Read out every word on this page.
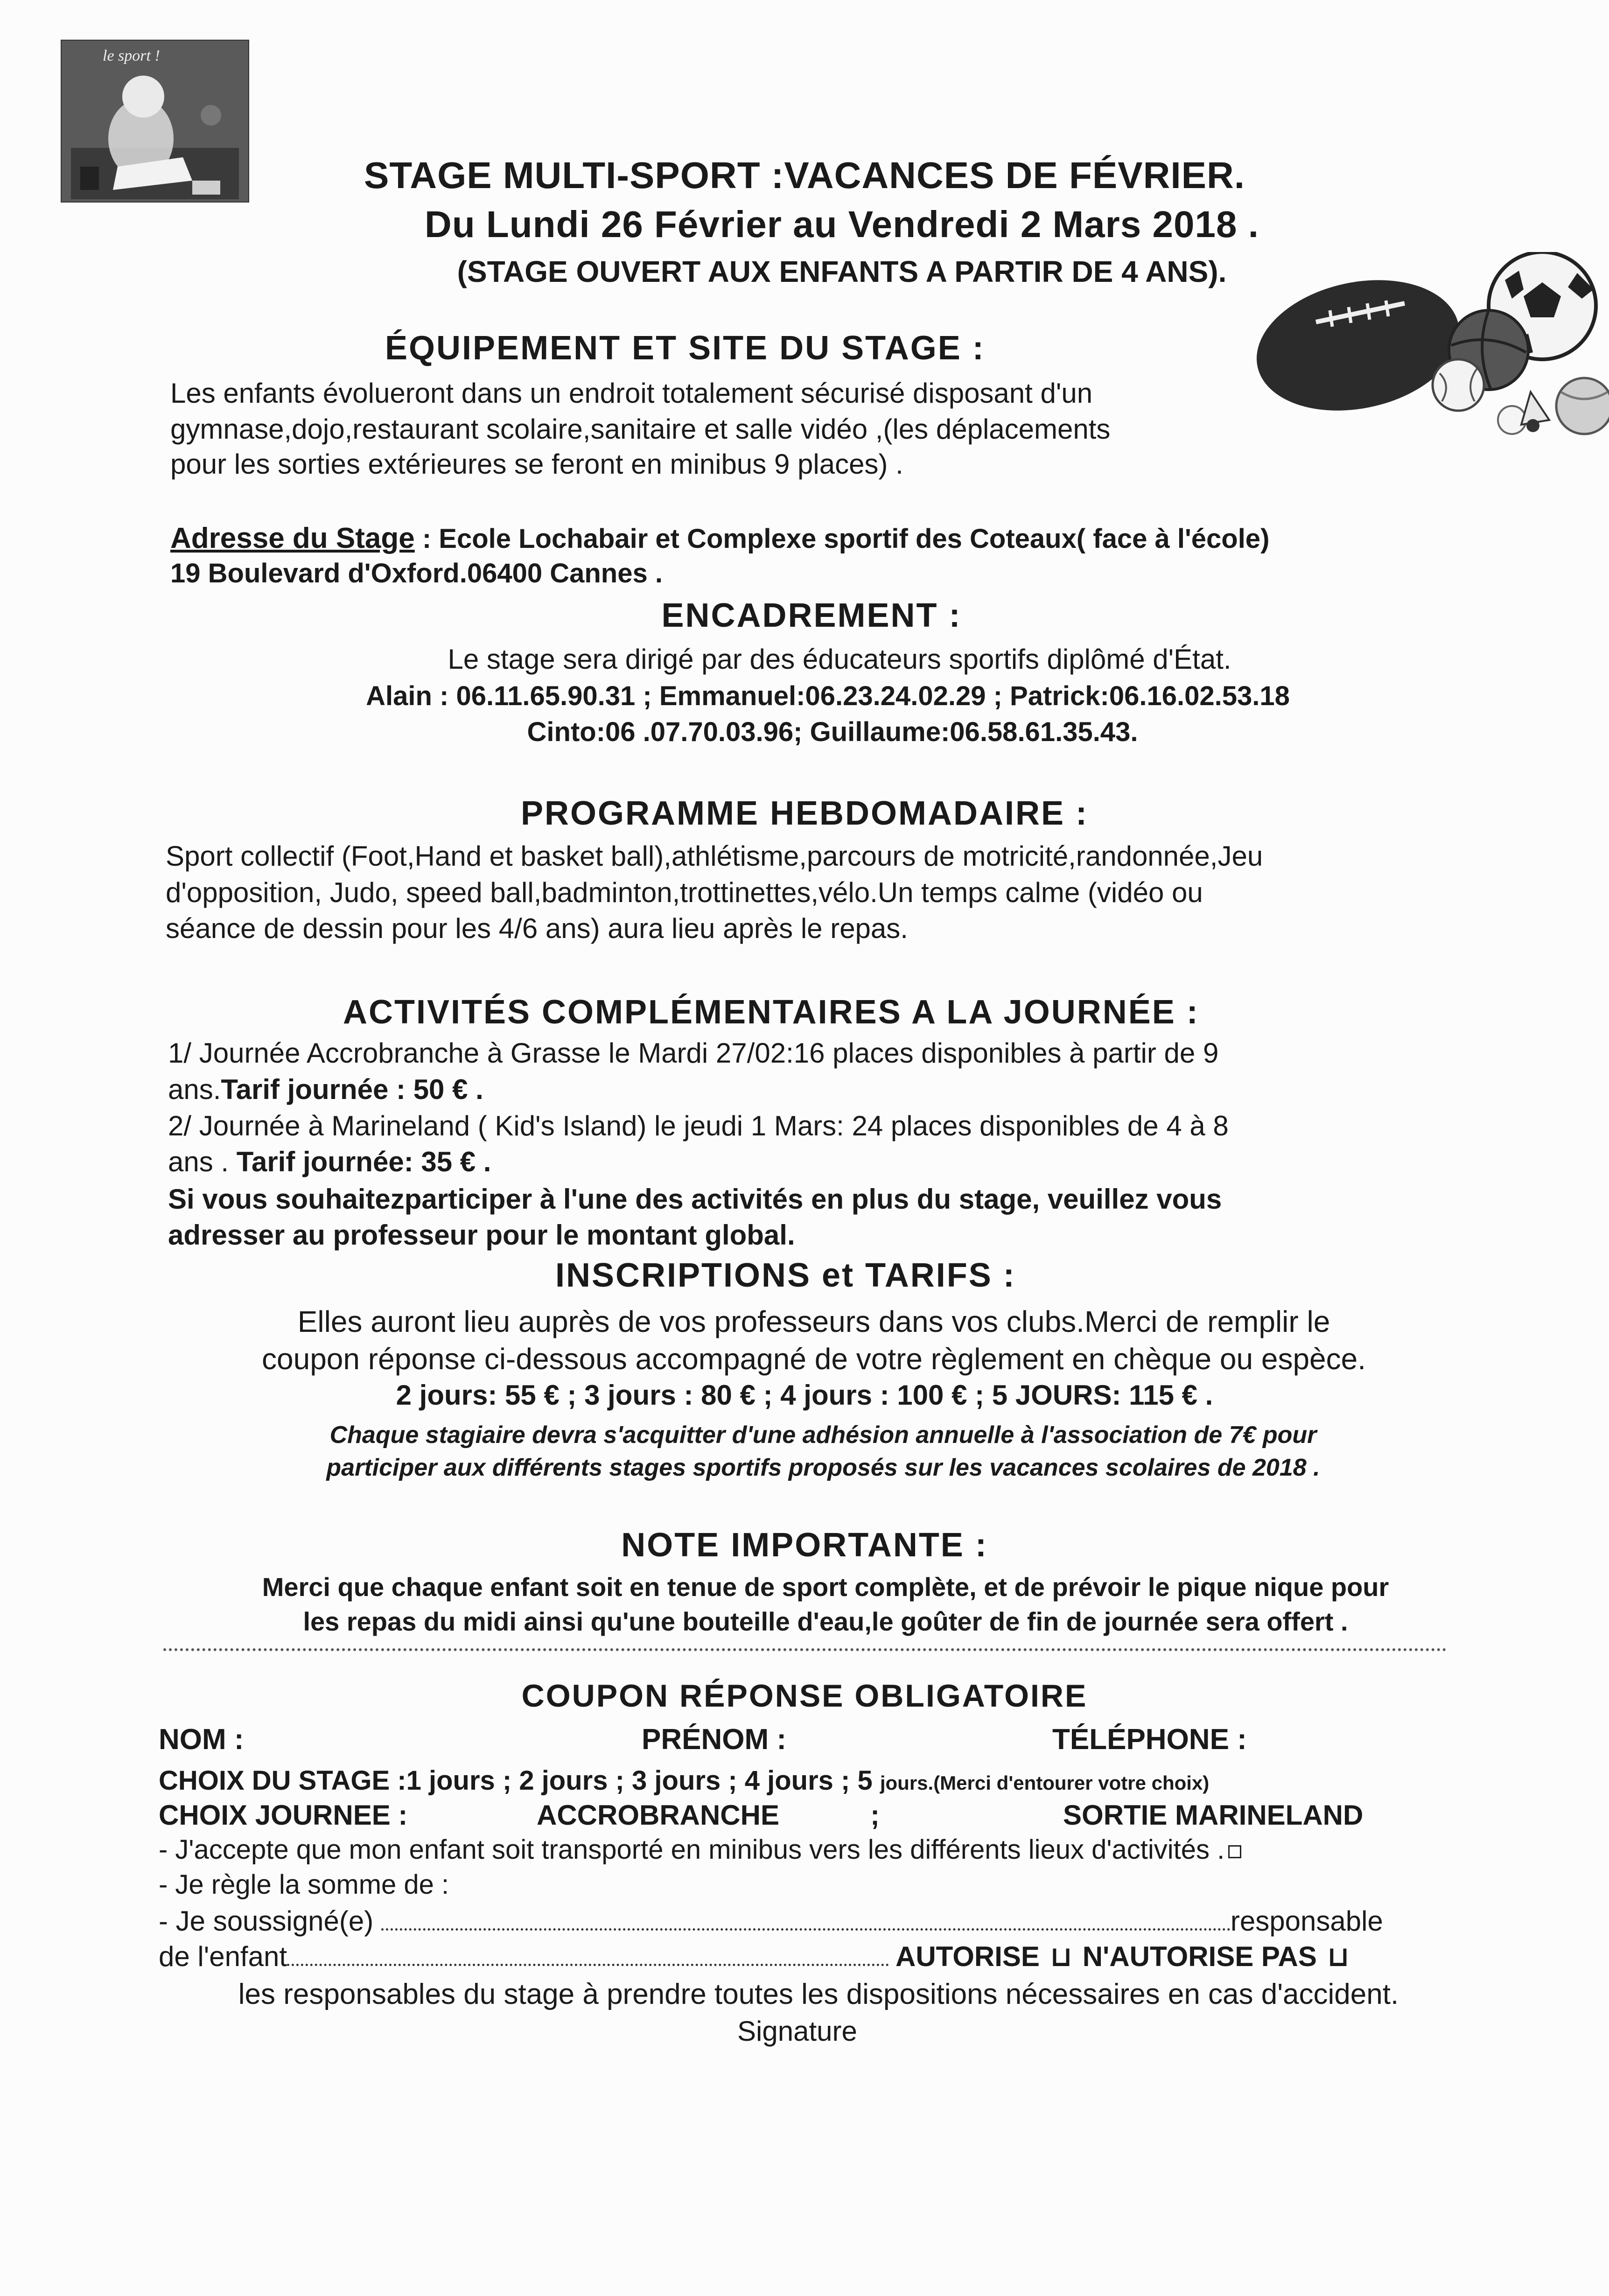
le sport !
STAGE MULTI-SPORT :VACANCES DE FÉVRIER.
Du Lundi 26 Février au Vendredi 2 Mars 2018 .
(STAGE OUVERT AUX ENFANTS A PARTIR DE 4 ANS).
ÉQUIPEMENT ET SITE DU STAGE :
Les enfants évolueront dans un endroit totalement sécurisé disposant d'un
gymnase,dojo,restaurant scolaire,sanitaire et salle vidéo ,(les déplacements
pour les sorties extérieures se feront en minibus 9 places) .
Adresse du Stage : Ecole Lochabair et Complexe sportif des Coteaux( face à l'école)
19 Boulevard d'Oxford.06400 Cannes .
ENCADREMENT :
Le stage sera dirigé par des éducateurs sportifs diplômé d'État.
Alain : 06.11.65.90.31 ; Emmanuel:06.23.24.02.29 ; Patrick:06.16.02.53.18
Cinto:06 .07.70.03.96; Guillaume:06.58.61.35.43.
PROGRAMME HEBDOMADAIRE :
Sport collectif (Foot,Hand et basket ball),athlétisme,parcours de motricité,randonnée,Jeu
d'opposition, Judo, speed ball,badminton,trottinettes,vélo.Un temps calme (vidéo ou
séance de dessin pour les 4/6 ans) aura lieu après le repas.
ACTIVITÉS COMPLÉMENTAIRES A LA JOURNÉE :
1/ Journée Accrobranche à Grasse le Mardi 27/02:16 places disponibles à partir de 9
ans.Tarif journée : 50 € .
2/ Journée à Marineland ( Kid's Island) le jeudi 1 Mars: 24 places disponibles de 4 à 8
ans . Tarif journée: 35 € .
Si vous souhaitezparticiper à l'une des activités en plus du stage, veuillez vous
adresser au professeur pour le montant global.
INSCRIPTIONS et TARIFS :
Elles auront lieu auprès de vos professeurs dans vos clubs.Merci de remplir le
coupon réponse ci-dessous accompagné de votre règlement en chèque ou espèce.
2 jours: 55 € ; 3 jours : 80 € ; 4 jours : 100 € ; 5 JOURS: 115 € .
Chaque stagiaire devra s'acquitter d'une adhésion annuelle à l'association de 7€ pour
participer aux différents stages sportifs proposés sur les vacances scolaires de 2018 .
NOTE IMPORTANTE :
Merci que chaque enfant soit en tenue de sport complète, et de prévoir le pique nique pour
les repas du midi ainsi qu'une bouteille d'eau,le goûter de fin de journée sera offert .
COUPON RÉPONSE OBLIGATOIRE
NOM :	PRÉNOM :	TÉLÉPHONE :
CHOIX DU STAGE :1 jours ; 2 jours ; 3 jours ; 4 jours ; 5 jours.(Merci d'entourer votre choix)
CHOIX JOURNEE :	ACCROBRANCHE	;	SORTIE MARINELAND
- J'accepte que mon enfant soit transporté en minibus vers les différents lieux d'activités .
- Je règle la somme de :
- Je soussigné(e)	responsable
de l'enfant	AUTORISE ⊔ N'AUTORISE PAS ⊔
les responsables du stage à prendre toutes les dispositions nécessaires en cas d'accident.
Signature
